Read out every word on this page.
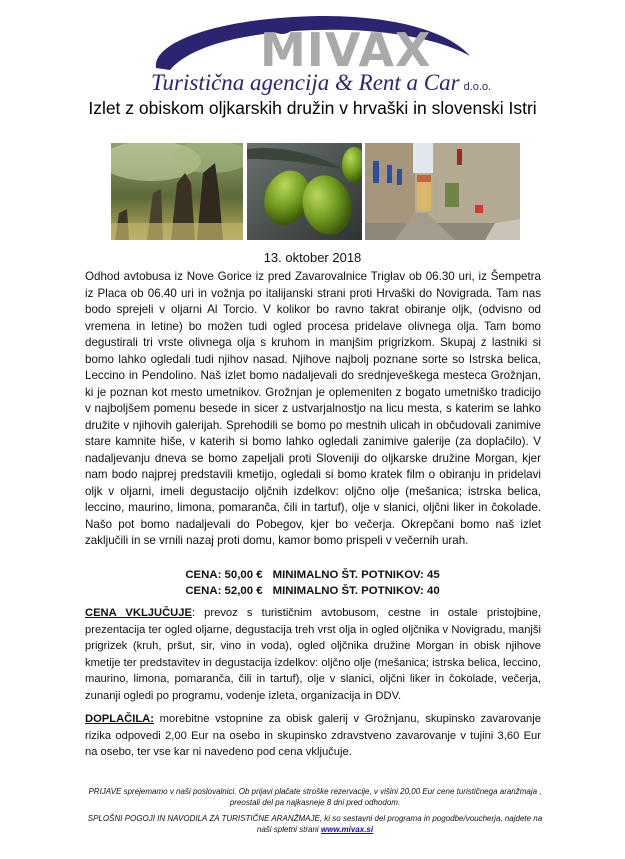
MIVAX
Turistična agencija & Rent a Car d.o.o.
Izlet z obiskom oljkarskih družin v hrvaški in slovenski Istri
13. oktober 2018

Odhod avtobusa iz Nove Gorice iz pred Zavarovalnice Triglav ob 06.30 uri, iz Šempetra iz Placa ob 06.40 uri in vožnja po italijanski strani proti Hrvaški do Novigrada. Tam nas bodo sprejeli v oljarni Al Torcio. V kolikor bo ravno takrat obiranje oljk, (odvisno od vremena in letine) bo možen tudi ogled procesa pridelave olivnega olja. Tam bomo degustirali tri vrste olivnega olja s kruhom in manjšim prigrizkom. Skupaj z lastniki si bomo lahko ogledali tudi njihov nasad. Njihove najbolj poznane sorte so Istrska belica, Leccino in Pendolino. Naš izlet bomo nadaljevali do srednjeveškega mesteca Grožnjan, ki je poznan kot mesto umetnikov. Grožnjan je oplemeniten z bogato umetniško tradicijo v najboljšem pomenu besede in sicer z ustvarjalnostjo na licu mesta, s katerim se lahko družite v njihovih galerijah. Sprehodili se bomo po mestnih ulicah in občudovali zanimive stare kamnite hiše, v katerih si bomo lahko ogledali zanimive galerije (za doplačilo). V nadaljevanju dneva se bomo zapeljali proti Sloveniji do oljkarske družine Morgan, kjer nam bodo najprej predstavili kmetijo, ogledali si bomo kratek film o obiranju in pridelavi oljk v oljarni, imeli degustacijo oljčnih izdelkov: oljčno olje (mešanica; istrska belica, leccino, maurino, limona, pomaranča, čili in tartuf), olje v slanici, oljčni liker in čokolade. Našo pot bomo nadaljevali do Pobegov, kjer bo večerja. Okrepčani bomo naš izlet zaključili in se vrnili nazaj proti domu, kamor bomo prispeli v večernih urah.

CENA: 50,00 € MINIMALNO ŠT. POTNIKOV: 45
CENA: 52,00 € MINIMALNO ŠT. POTNIKOV: 40
CENA VKLJUČUJE: prevoz s turističnim avtobusom, cestne in ostale pristojbine, prezentacija ter ogled oljarne, degustacija treh vrst olja in ogled oljčnika v Novigradu, manjši prigrizek (kruh, pršut, sir, vino in voda), ogled oljčnika družine Morgan in obisk njihove kmetije ter predstavitev in degustacija izdelkov: oljčno olje (mešanica; istrska belica, leccino, maurino, limona, pomaranča, čili in tartuf), olje v slanici, oljčni liker in čokolade, večerja, zunanji ogledi po programu, vodenje izleta, organizacija in DDV.
DOPLAČILA: morebitne vstopnine za obisk galerij v Grožnjanu, skupinsko zavarovanje rizika odpovedi 2,00 Eur na osebo in skupinsko zdravstveno zavarovanje v tujini 3,60 Eur na osebo, ter vse kar ni navedeno pod cena vključuje.
PRIJAVE sprejemamo v naši poslovalnici. Ob prijavi plačate stroške rezervacije, v višini 20,00 Eur cene turističnega aranžmaja , preostali del pa najkasneje 8 dni pred odhodom.
SPLOŠNI POGOJI IN NAVODILA ZA TURISTIČNE ARANŽMAJE, ki so sestavni del programa in pogodbe/voucherja, najdete na naši spletni strani www.mivax.si
